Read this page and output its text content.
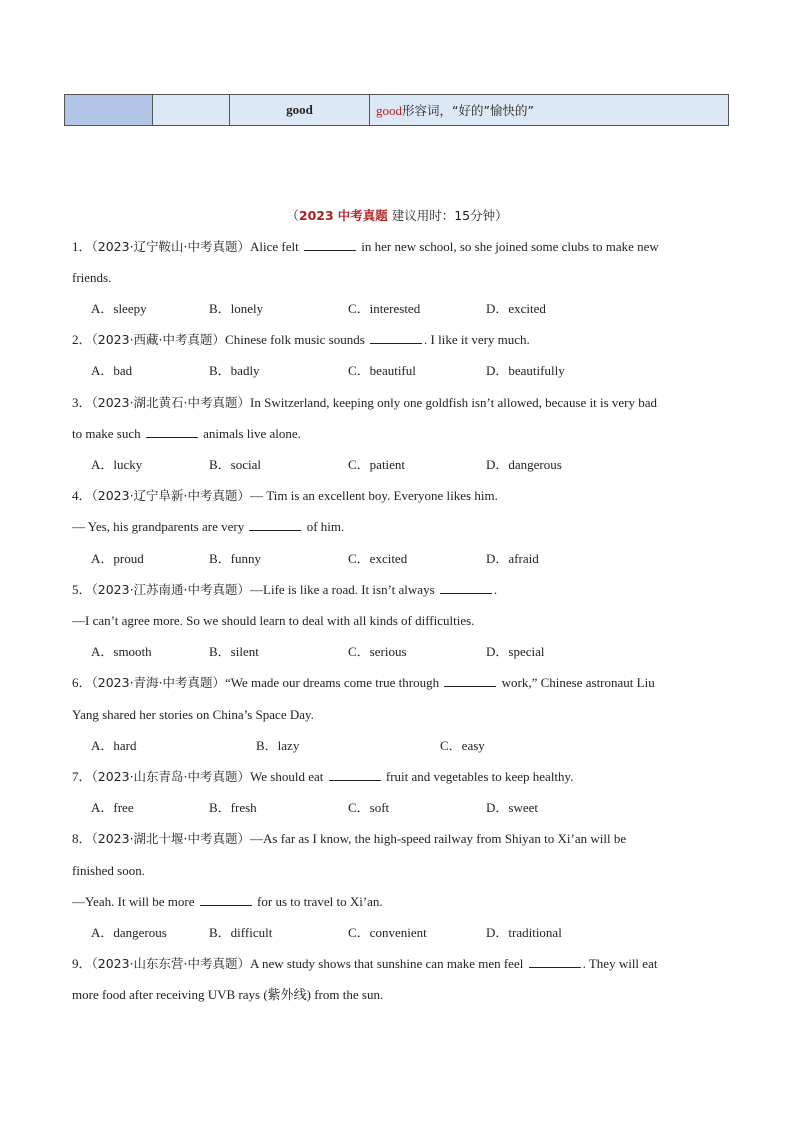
		good	good形容词，“好的”愉快的”
（2023 中考真题 建议用时：15分钟）
1．（2023·辽宁鞍山·中考真题）Alice felt	in her new school, so she joined some clubs to make new
friends.
A．sleepy	B．lonely	C．interested	D．excited
2．（2023·西藏·中考真题）Chinese folk music sounds	. I like it very much.
A．bad	B．badly	C．beautiful	D．beautifully
3．（2023·湖北黄石·中考真题）In Switzerland, keeping only one goldfish isn’t allowed, because it is very bad
to make such	animals live alone.
A．lucky	B．social	C．patient	D．dangerous
4．（2023·辽宁阜新·中考真题）— Tim is an excellent boy. Everyone likes him.
— Yes, his grandparents are very	of him.
A．proud	B．funny	C．excited	D．afraid
5．（2023·江苏南通·中考真题）—Life is like a road. It isn’t always	.
—I can’t agree more. So we should learn to deal with all kinds of difficulties.
A．smooth	B．silent	C．serious	D．special
6．（2023·青海·中考真题）“We made our dreams come true through	work,” Chinese astronaut Liu
Yang shared her stories on China’s Space Day.
A．hard	B．lazy	C．easy
7．（2023·山东青岛·中考真题）We should eat	fruit and vegetables to keep healthy.
A．free	B．fresh	C．soft	D．sweet
8．（2023·湖北十堰·中考真题）—As far as I know, the high-speed railway from Shiyan to Xi’an will be
finished soon.
—Yeah. It will be more	for us to travel to Xi’an.
A．dangerous	B．difficult	C．convenient	D．traditional
9．（2023·山东东营·中考真题）A new study shows that sunshine can make men feel	. They will eat
more food after receiving UVB rays (紫外线) from the sun.
